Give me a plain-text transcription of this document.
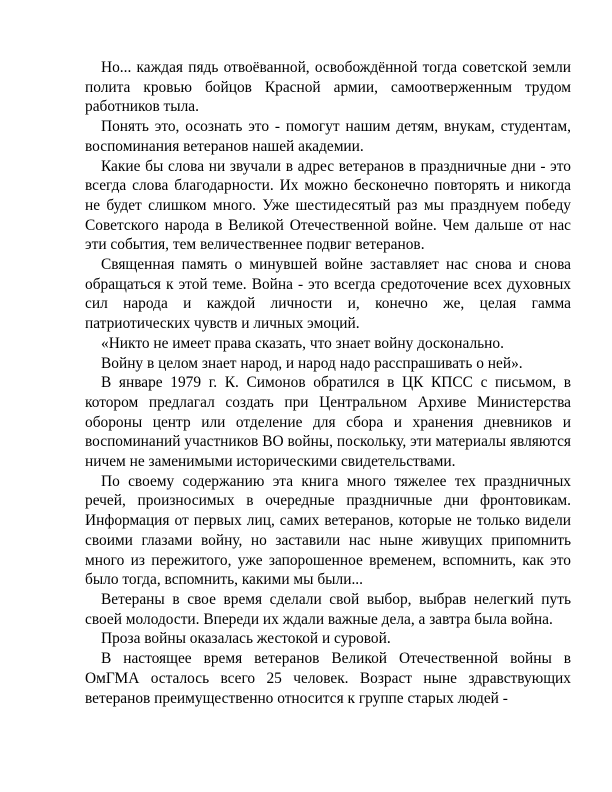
Но... каждая пядь отвоёванной, освобождённой тогда советской земли полита кровью бойцов Красной армии, самоотверженным трудом работников тыла.

Понять это, осознать это - помогут нашим детям, внукам, студентам, воспоминания ветеранов нашей академии.

Какие бы слова ни звучали в адрес ветеранов в праздничные дни - это всегда слова благодарности. Их можно бесконечно повторять и никогда не будет слишком много. Уже шестидесятый раз мы празднуем победу Советского народа в Великой Отечественной войне. Чем дальше от нас эти события, тем величественнее подвиг ветеранов.

Священная память о минувшей войне заставляет нас снова и снова обращаться к этой теме. Война - это всегда средоточение всех духовных сил народа и каждой личности и, конечно же, целая гамма патриотических чувств и личных эмоций.

«Никто не имеет права сказать, что знает войну досконально.

Войну в целом знает народ, и народ надо расспрашивать о ней».

В январе 1979 г. К. Симонов обратился в ЦК КПСС с письмом, в котором предлагал создать при Центральном Архиве Министерства обороны центр или отделение для сбора и хранения дневников и воспоминаний участников ВО войны, поскольку, эти материалы являются ничем не заменимыми историческими свидетельствами.

По своему содержанию эта книга много тяжелее тех праздничных речей, произносимых в очередные праздничные дни фронтовикам. Информация от первых лиц, самих ветеранов, которые не только видели своими глазами войну, но заставили нас ныне живущих припомнить много из пережитого, уже запорошенное временем, вспомнить, как это было тогда, вспомнить, какими мы были...

Ветераны в свое время сделали свой выбор, выбрав нелегкий путь своей молодости. Впереди их ждали важные дела, а завтра была война.

Проза войны оказалась жестокой и суровой.

В настоящее время ветеранов Великой Отечественной войны в ОмГМА осталось всего 25 человек. Возраст ныне здравствующих ветеранов преимущественно относится к группе старых людей -
